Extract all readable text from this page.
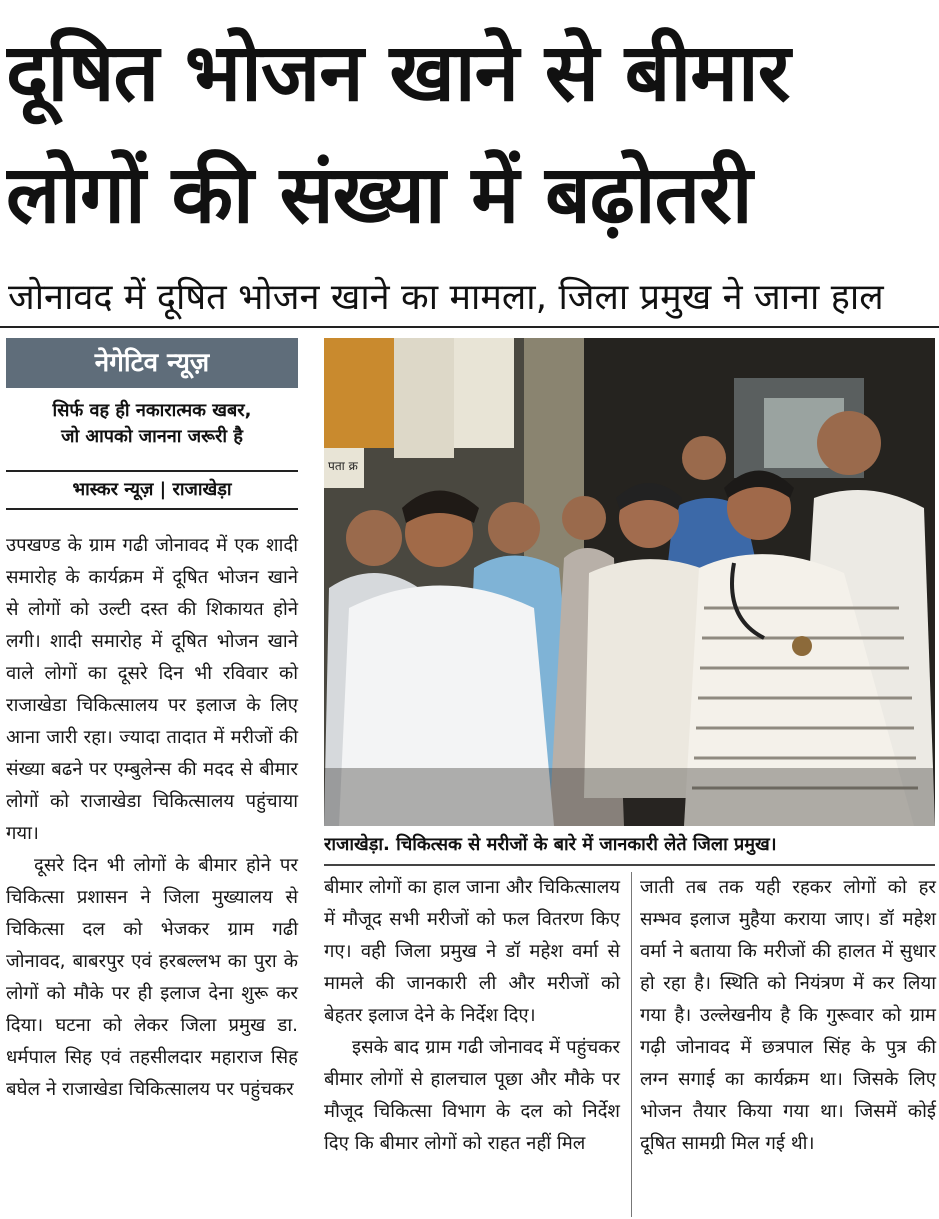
दूषित भोजन खाने से बीमार
लोगों की संख्या में बढ़ोतरी
जोनावद में दूषित भोजन खाने का मामला, जिला प्रमुख ने जाना हाल
नेगेटिव न्यूज़
सिर्फ वह ही नकारात्मक खबर,
जो आपको जानना जरूरी है
भास्कर न्यूज़ | राजाखेड़ा

उपखण्ड के ग्राम गढी जोनावद में एक शादी समारोह के कार्यक्रम में दूषित भोजन खाने से लोगों को उल्टी दस्त की शिकायत होने लगी। शादी समारोह में दूषित भोजन खाने वाले लोगों का दूसरे दिन भी रविवार को राजाखेडा चिकित्सालय पर इलाज के लिए आना जारी रहा। ज्यादा तादात में मरीजों की संख्या बढने पर एम्बुलेन्स की मदद से बीमार लोगों को राजाखेडा चिकित्सालय पहुंचाया गया।

दूसरे दिन भी लोगों के बीमार होने पर चिकित्सा प्रशासन ने जिला मुख्यालय से चिकित्सा दल को भेजकर ग्राम गढी जोनावद, बाबरपुर एवं हरबल्लभ का पुरा के लोगों को मौके पर ही इलाज देना शुरू कर दिया। घटना को लेकर जिला प्रमुख डा. धर्मपाल सिह एवं तहसीलदार महाराज सिह बघेल ने राजाखेडा चिकित्सालय पर पहुंचकर

पता क्र
राजाखेड़ा. चिकित्सक से मरीजों के बारे में जानकारी लेते जिला प्रमुख।

बीमार लोगों का हाल जाना और चिकित्सालय में मौजूद सभी मरीजों को फल वितरण किए गए। वही जिला प्रमुख ने डॉ महेश वर्मा से मामले की जानकारी ली और मरीजों को बेहतर इलाज देने के निर्देश दिए।

इसके बाद ग्राम गढी जोनावद में पहुंचकर बीमार लोगों से हालचाल पूछा और मौके पर मौजूद चिकित्सा विभाग के दल को निर्देश दिए कि बीमार लोगों को राहत नहीं मिल

जाती तब तक यही रहकर लोगों को हर सम्भव इलाज मुहैया कराया जाए। डॉ महेश वर्मा ने बताया कि मरीजों की हालत में सुधार हो रहा है। स्थिति को नियंत्रण में कर लिया गया है। उल्लेखनीय है कि गुरूवार को ग्राम गढ़ी जोनावद में छत्रपाल सिंह के पुत्र की लग्न सगाई का कार्यक्रम था। जिसके लिए भोजन तैयार किया गया था। जिसमें कोई दूषित सामग्री मिल गई थी।
